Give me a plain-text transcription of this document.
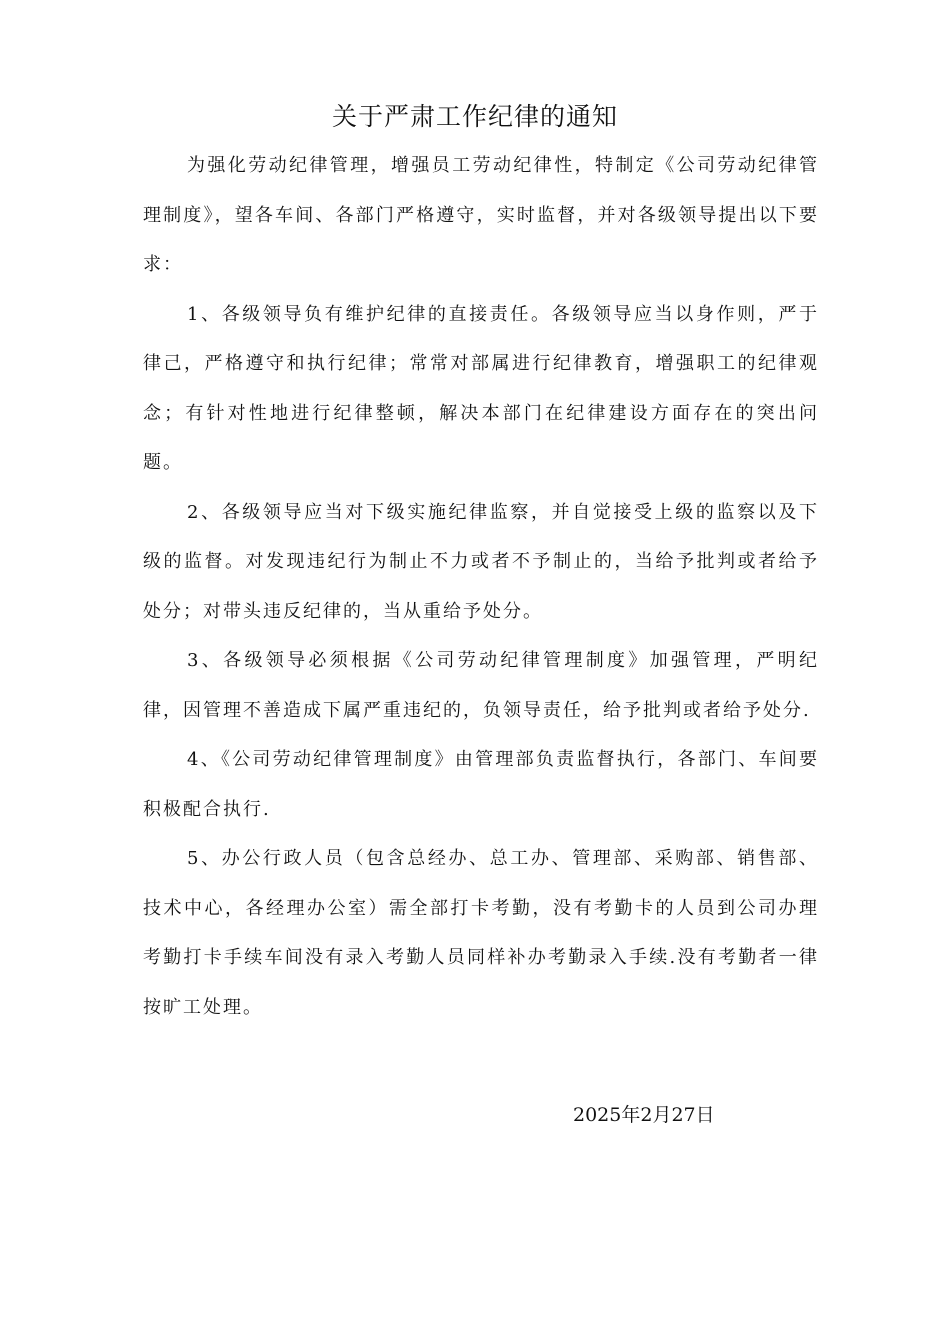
关于严肃工作纪律的通知

为强化劳动纪律管理，增强员工劳动纪律性，特制定《公司劳动纪律管理制度》，望各车间、各部门严格遵守，实时监督，并对各级领导提出以下要求：

1、各级领导负有维护纪律的直接责任。各级领导应当以身作则，严于律己，严格遵守和执行纪律；常常对部属进行纪律教育，增强职工的纪律观念；有针对性地进行纪律整顿，解决本部门在纪律建设方面存在的突出问题。

2、各级领导应当对下级实施纪律监察，并自觉接受上级的监察以及下级的监督。对发现违纪行为制止不力或者不予制止的，当给予批判或者给予处分；对带头违反纪律的，当从重给予处分。

3、各级领导必须根据《公司劳动纪律管理制度》加强管理，严明纪律，因管理不善造成下属严重违纪的，负领导责任，给予批判或者给予处分.

4、《公司劳动纪律管理制度》由管理部负责监督执行，各部门、车间要积极配合执行.

5、办公行政人员（包含总经办、总工办、管理部、采购部、销售部、技术中心，各经理办公室）需全部打卡考勤，没有考勤卡的人员到公司办理考勤打卡手续车间没有录入考勤人员同样补办考勤录入手续.没有考勤者一律按旷工处理。

2025年2月27日
